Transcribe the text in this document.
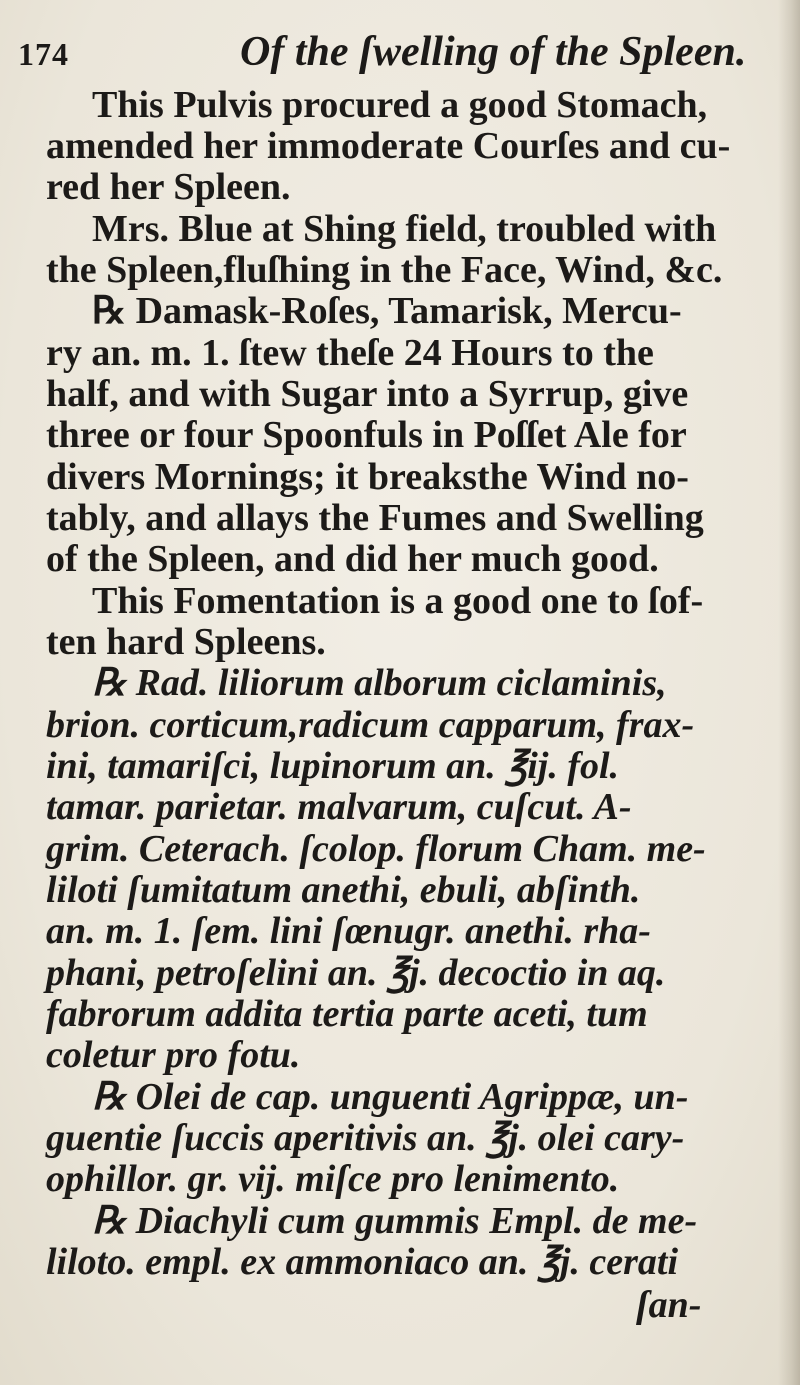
174	Of the ſwelling of the Spleen.
This Pulvis procured a good Stomach,
amended her immoderate Courſes and cu-
red her Spleen.
Mrs. Blue at Shing field, troubled with
the Spleen,fluſhing in the Face, Wind, &c.
℞ Damask-Roſes, Tamarisk, Mercu-
ry an. m. 1. ſtew theſe 24 Hours to the
half, and with Sugar into a Syrrup, give
three or four Spoonfuls in Poſſet Ale for
divers Mornings; it breaksthe Wind no-
tably, and allays the Fumes and Swelling
of the Spleen, and did her much good.
This Fomentation is a good one to ſof-
ten hard Spleens.
℞ Rad. liliorum alborum ciclaminis,
brion. corticum,radicum capparum, frax-
ini, tamariſci, lupinorum an. ℥ij. fol.
tamar. parietar. malvarum, cuſcut. A-
grim. Ceterach. ſcolop. florum Cham. me-
liloti ſumitatum anethi, ebuli, abſinth.
an. m. 1. ſem. lini ſœnugr. anethi. rha-
phani, petroſelini an. ℥j. decoctio in aq.
fabrorum addita tertia parte aceti, tum
coletur pro fotu.
℞ Olei de cap. unguenti Agrippæ, un-
guentie ſuccis aperitivis an. ℥j. olei cary-
ophillor. gr. vij. miſce pro lenimento.
℞ Diachyli cum gummis Empl. de me-
liloto. empl. ex ammoniaco an. ℥j. cerati
ſan-
